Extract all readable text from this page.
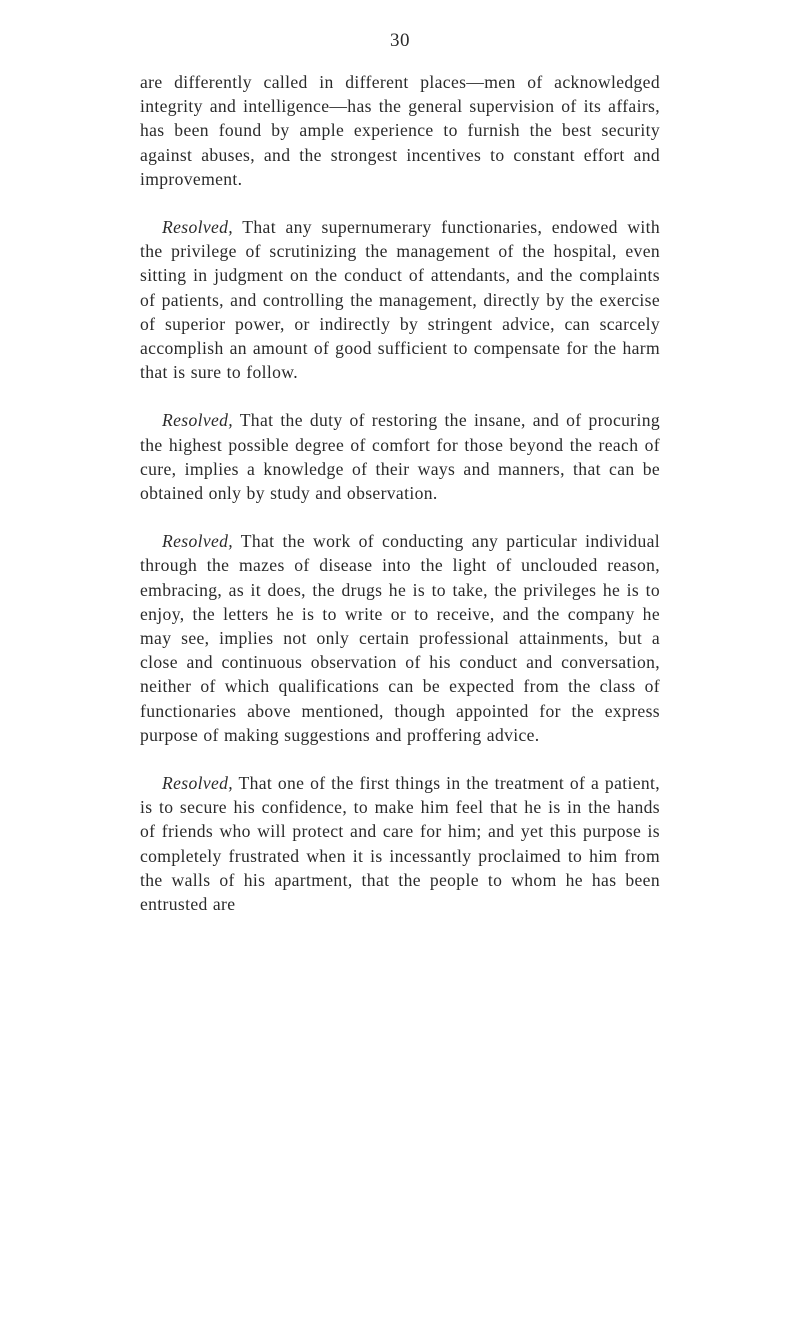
30

are differently called in different places—men of acknowledged integrity and intelligence—has the general supervision of its affairs, has been found by ample experience to furnish the best security against abuses, and the strongest incentives to constant effort and improvement.

Resolved, That any supernumerary functionaries, endowed with the privilege of scrutinizing the management of the hospital, even sitting in judgment on the conduct of attendants, and the complaints of patients, and controlling the management, directly by the exercise of superior power, or indirectly by stringent advice, can scarcely accomplish an amount of good sufficient to compensate for the harm that is sure to follow.

Resolved, That the duty of restoring the insane, and of procuring the highest possible degree of comfort for those beyond the reach of cure, implies a knowledge of their ways and manners, that can be obtained only by study and observation.

Resolved, That the work of conducting any particular individual through the mazes of disease into the light of unclouded reason, embracing, as it does, the drugs he is to take, the privileges he is to enjoy, the letters he is to write or to receive, and the company he may see, implies not only certain professional attainments, but a close and continuous observation of his conduct and conversation, neither of which qualifications can be expected from the class of functionaries above mentioned, though appointed for the express purpose of making suggestions and proffering advice.

Resolved, That one of the first things in the treatment of a patient, is to secure his confidence, to make him feel that he is in the hands of friends who will protect and care for him; and yet this purpose is completely frustrated when it is incessantly proclaimed to him from the walls of his apartment, that the people to whom he has been entrusted are
